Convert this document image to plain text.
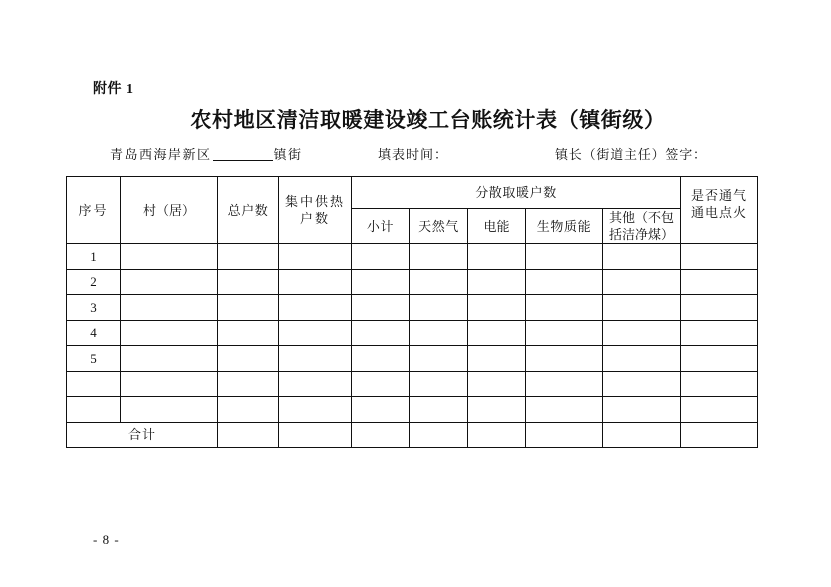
附件 1
农村地区清洁取暖建设竣工台账统计表（镇街级）
青岛西海岸新区	镇街	填表时间：	镇长（街道主任）签字：
序号	村（居）	总户数	集中供热户数	分散取暖户数					是否通气通电点火
				小计	天然气	电能	生物质能	其他（不包括洁净煤）	
1									
2									
3									
4									
5									

合计									
- 8 -
